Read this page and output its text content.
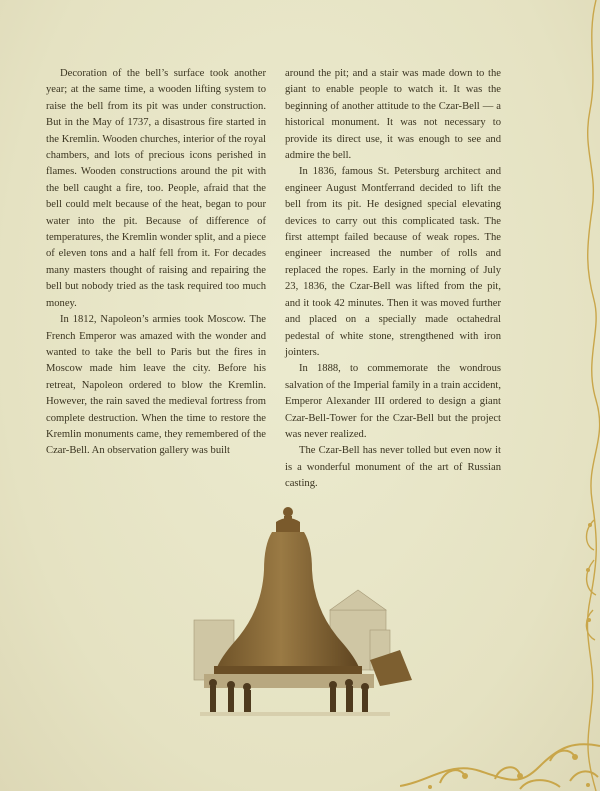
Decoration of the bell’s surface took another year; at the same time, a wooden lifting system to raise the bell from its pit was under construction. But in the May of 1737, a disastrous fire started in the Kremlin. Wooden churches, interior of the royal chambers, and lots of precious icons perished in flames. Wooden constructions around the pit with the bell caught a fire, too. People, afraid that the bell could melt because of the heat, began to pour water into the pit. Because of difference of temperatures, the Kremlin wonder split, and a piece of eleven tons and a half fell from it. For decades many masters thought of raising and repairing the bell but nobody tried as the task required too much money.

In 1812, Napoleon’s armies took Moscow. The French Emperor was amazed with the wonder and wanted to take the bell to Paris but the fires in Moscow made him leave the city. Before his retreat, Napoleon ordered to blow the Kremlin. However, the rain saved the medieval fortress from complete destruction. When the time to restore the Kremlin monuments came, they remembered of the Czar-Bell. An observation gallery was built

around the pit; and a stair was made down to the giant to enable people to watch it. It was the beginning of another attitude to the Czar-Bell — a historical monument. It was not necessary to provide its direct use, it was enough to see and admire the bell.

In 1836, famous St. Petersburg architect and engineer August Montferrand decided to lift the bell from its pit. He designed special elevating devices to carry out this complicated task. The first attempt failed because of weak ropes. The engineer increased the number of rolls and replaced the ropes. Early in the morning of July 23, 1836, the Czar-Bell was lifted from the pit, and it took 42 minutes. Then it was moved further and placed on a specially made octahedral pedestal of white stone, strengthened with iron jointers.

In 1888, to commemorate the wondrous salvation of the Imperial family in a train accident, Emperor Alexander III ordered to design a giant Czar-Bell-Tower for the Czar-Bell but the project was never realized.

The Czar-Bell has never tolled but even now it is a wonderful monument of the art of Russian casting.
